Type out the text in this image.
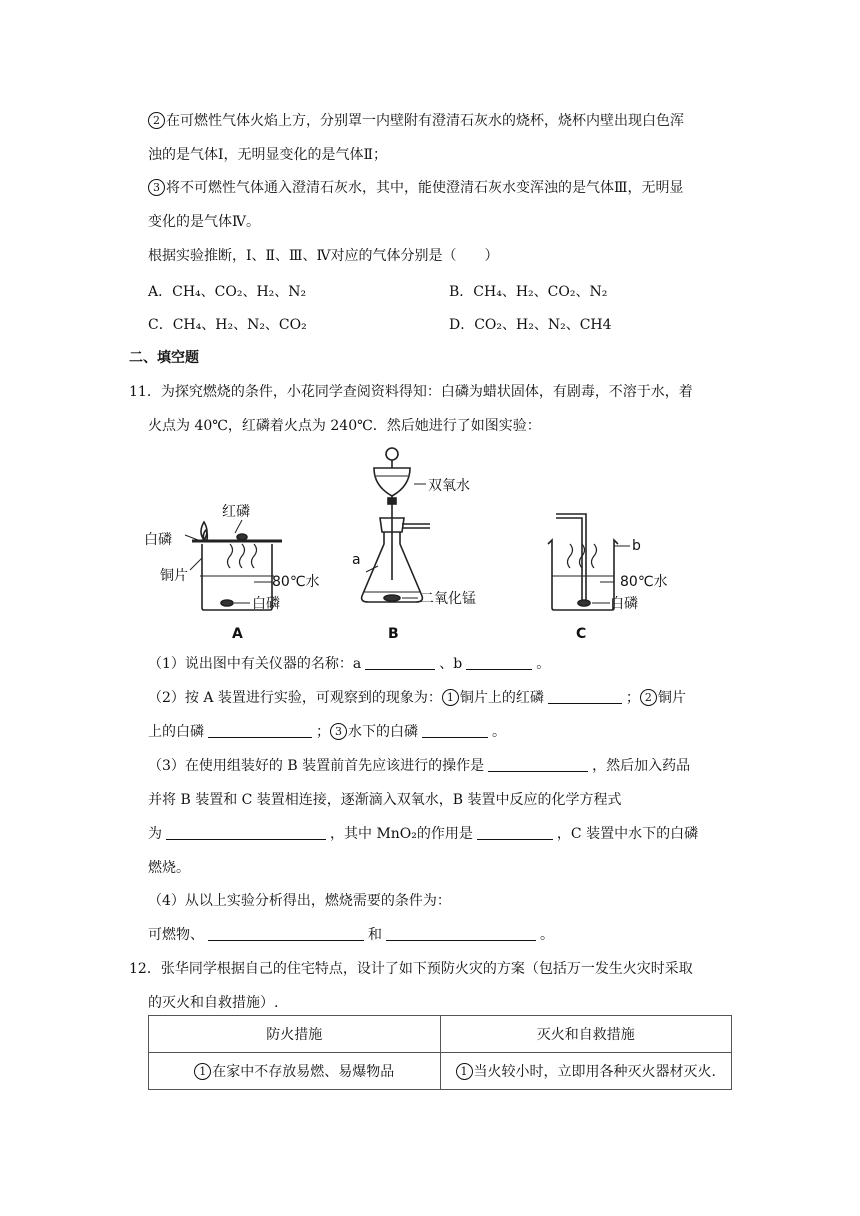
2 在可燃性气体火焰上方，分别罩一内壁附有澄清石灰水的烧杯，烧杯内壁出现白色浑
浊的是气体Ⅰ，无明显变化的是气体Ⅱ；
3 将不可燃性气体通入澄清石灰水，其中，能使澄清石灰水变浑浊的是气体Ⅲ，无明显
变化的是气体Ⅳ。
根据实验推断，Ⅰ、Ⅱ、Ⅲ、Ⅳ对应的气体分别是（　　）
A．CH₄、CO₂、H₂、N₂	B．CH₄、H₂、CO₂、N₂
C．CH₄、H₂、N₂、CO₂	D．CO₂、H₂、N₂、CH4
二、填空题
11．为探究燃烧的条件，小花同学查阅资料得知：白磷为蜡状固体，有剧毒，不溶于水，着
火点为 40℃，红磷着火点为 240℃．然后她进行了如图实验：
红磷
白磷
铜片	80℃水
白磷
A
双氧水
a
二氧化锰
B
b
80℃水
白磷
C
（1）说出图中有关仪器的名称：a	、b	。
（2）按 A 装置进行实验，可观察到的现象为： 1 铜片上的红磷	； 2 铜片
上的白磷	； 3 水下的白磷	。
（3）在使用组装好的 B 装置前首先应该进行的操作是	，然后加入药品
并将 B 装置和 C 装置相连接，逐渐滴入双氧水，B 装置中反应的化学方程式
为	，其中 MnO₂的作用是	，C 装置中水下的白磷
燃烧。
（4）从以上实验分析得出，燃烧需要的条件为：
可燃物、	和	。
12．张华同学根据自己的住宅特点，设计了如下预防火灾的方案（包括万一发生火灾时采取
的灭火和自救措施）.
防火措施	灭火和自救措施
1 在家中不存放易燃、易爆物品	1 当火较小时，立即用各种灭火器材灭火.
